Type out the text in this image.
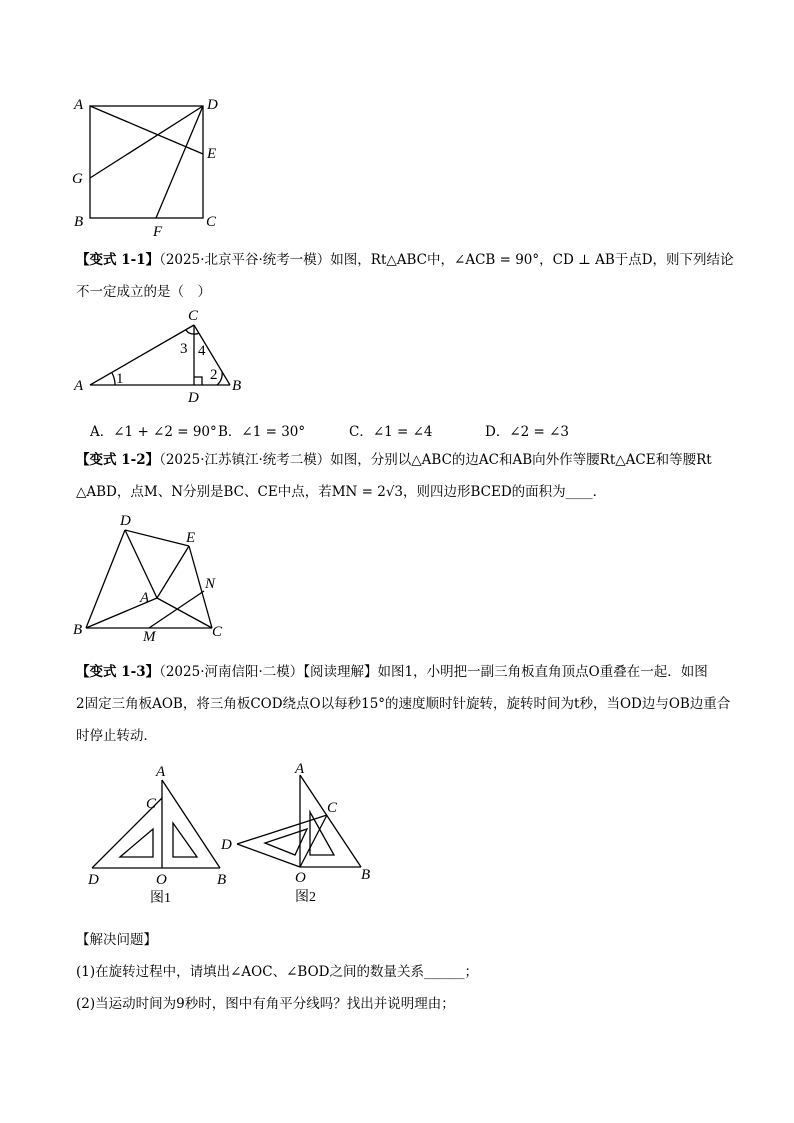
A	D
E
G
B
F
C
【变式 1-1】（2025·北京平谷·统考一模）如图，Rt△ABC中，∠ACB = 90°，CD ⊥ AB于点D，则下列结论
不一定成立的是（　）
C
A
D
B
1	2
3 4
A．∠1 + ∠2 = 90° B．∠1 = 30°	C．∠1 = ∠4	D．∠2 = ∠3
【变式 1-2】（2025·江苏镇江·统考二模）如图，分别以△ABC的边AC和AB向外作等腰Rt△ACE和等腰Rt
△ABD，点M、N分别是BC、CE中点，若MN = 2√3，则四边形BCED的面积为____．
D
E
N
A
B	M	C
【变式 1-3】（2025·河南信阳·二模）【阅读理解】如图1，小明把一副三角板直角顶点O重叠在一起．如图
2固定三角板AOB，将三角板COD绕点O以每秒15°的速度顺时针旋转，旋转时间为t秒，当OD边与OB边重合
时停止转动．
A
C
D	O	B
图1
A
C
D
O	B
图2
【解决问题】
(1)在旋转过程中，请填出∠AOC、∠BOD之间的数量关系______；
(2)当运动时间为9秒时，图中有角平分线吗？找出并说明理由；
